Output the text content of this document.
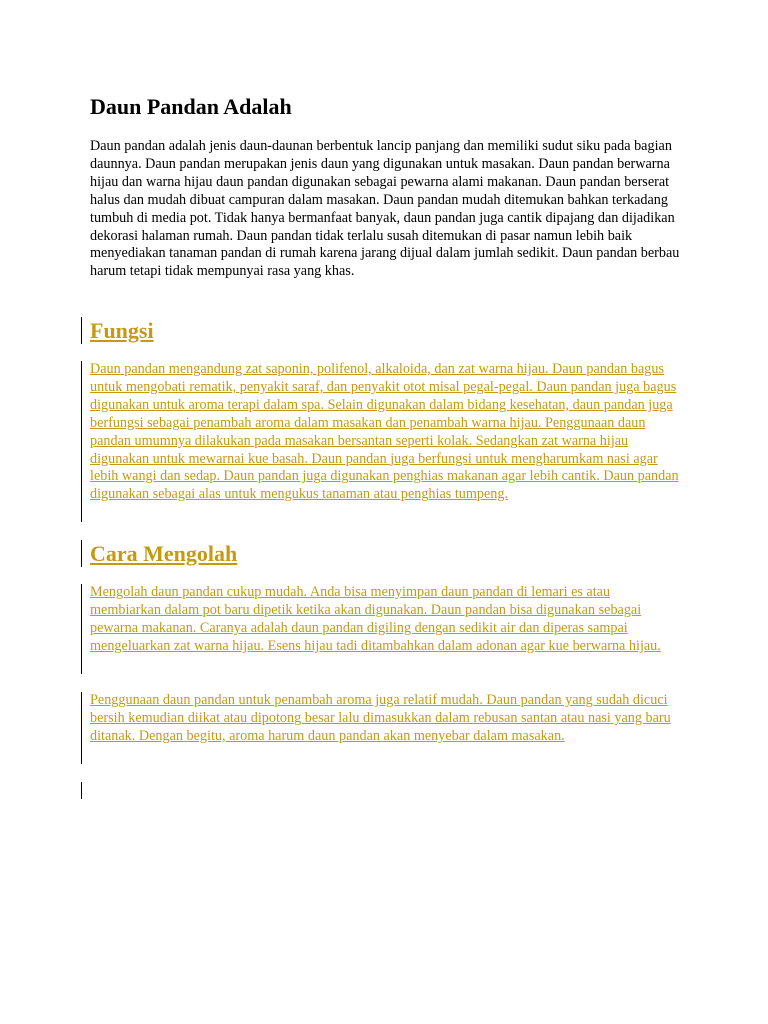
Daun Pandan Adalah

Daun pandan adalah jenis daun-daunan berbentuk lancip panjang dan memiliki sudut siku pada bagian daunnya. Daun pandan merupakan jenis daun yang digunakan untuk masakan. Daun pandan berwarna hijau dan warna hijau daun pandan digunakan sebagai pewarna alami makanan. Daun pandan berserat halus dan mudah dibuat campuran dalam masakan. Daun pandan mudah ditemukan bahkan terkadang tumbuh di media pot. Tidak hanya bermanfaat banyak, daun pandan juga cantik dipajang dan dijadikan dekorasi halaman rumah. Daun pandan tidak terlalu susah ditemukan di pasar namun lebih baik menyediakan tanaman pandan di rumah karena jarang dijual dalam jumlah sedikit. Daun pandan berbau harum tetapi tidak mempunyai rasa yang khas.

Fungsi

Daun pandan mengandung zat saponin, polifenol, alkaloida, dan zat warna hijau. Daun pandan bagus untuk mengobati rematik, penyakit saraf, dan penyakit otot misal pegal-pegal. Daun pandan juga bagus digunakan untuk aroma terapi dalam spa. Selain digunakan dalam bidang kesehatan, daun pandan juga berfungsi sebagai penambah aroma dalam masakan dan penambah warna hijau. Penggunaan daun pandan umumnya dilakukan pada masakan bersantan seperti kolak. Sedangkan zat warna hijau digunakan untuk mewarnai kue basah. Daun pandan juga berfungsi untuk mengharumkam nasi agar lebih wangi dan sedap. Daun pandan juga digunakan penghias makanan agar lebih cantik. Daun pandan digunakan sebagai alas untuk mengukus tanaman atau penghias tumpeng.

Cara Mengolah

Mengolah daun pandan cukup mudah. Anda bisa menyimpan daun pandan di lemari es atau membiarkan dalam pot baru dipetik ketika akan digunakan. Daun pandan bisa digunakan sebagai pewarna makanan. Caranya adalah daun pandan digiling dengan sedikit air dan diperas sampai mengeluarkan zat warna hijau. Esens hijau tadi ditambahkan dalam adonan agar kue berwarna hijau.

Penggunaan daun pandan untuk penambah aroma juga relatif mudah. Daun pandan yang sudah dicuci bersih kemudian diikat atau dipotong besar lalu dimasukkan dalam rebusan santan atau nasi yang baru ditanak. Dengan begitu, aroma harum daun pandan akan menyebar dalam masakan.
